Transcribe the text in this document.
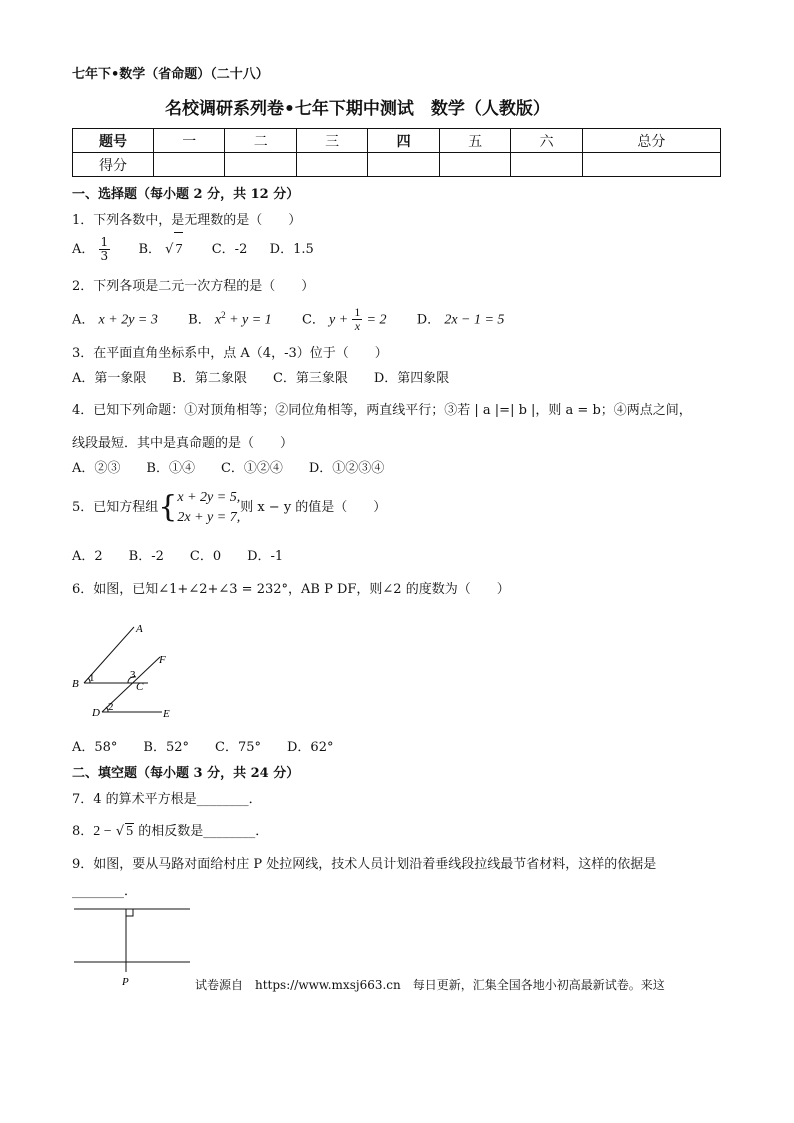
七年下•数学（省命题）（二十八）
名校调研系列卷•七年下期中测试　数学（人教版）
题号	一	二	三	四	五	六	总分
得分							
一、选择题（每小题 2 分，共 12 分）
1．下列各数中，是无理数的是（　　）
A． $\frac{1}{3}$ B． √ 7 C．-2 D．1.5
2．下列各项是二元一次方程的是（　　）
A． x + 2y = 3 B． $x^2 + y = 1$ C． $y + \frac{1}{x} = 2$ D． 2x − 1 = 5
3．在平面直角坐标系中，点 A（4，-3）位于（　　）
A．第一象限　　B．第二象限　　C．第三象限　　D．第四象限
4．已知下列命题：①对顶角相等；②同位角相等，两直线平行；③若 | a |=| b |，则 a = b；④两点之间，
线段最短．其中是真命题的是（　　）
A．②③　　B．①④　　C．①②④　　D．①②③④
5．已知方程组{ x + 2y = 5,
2x + y = 7,
则 x − y 的值是（　　）
A．2　　B．-2　　C．0　　D．-1
6．如图，已知∠1+∠2+∠3 = 232°，AB P DF，则∠2 的度数为（　　）
A
B	C
D	E
F
1
2
3
A．58°　　B．52°　　C．75°　　D．62°
二、填空题（每小题 3 分，共 24 分）
7．4 的算术平方根是________．
8．2 − √ 5 的相反数是________．
9．如图，要从马路对面给村庄 P 处拉网线，技术人员计划沿着垂线段拉线最节省材料，这样的依据是
________．
P	试卷源自　https://www.mxsj663.cn　每日更新，汇集全国各地小初高最新试卷。来这
